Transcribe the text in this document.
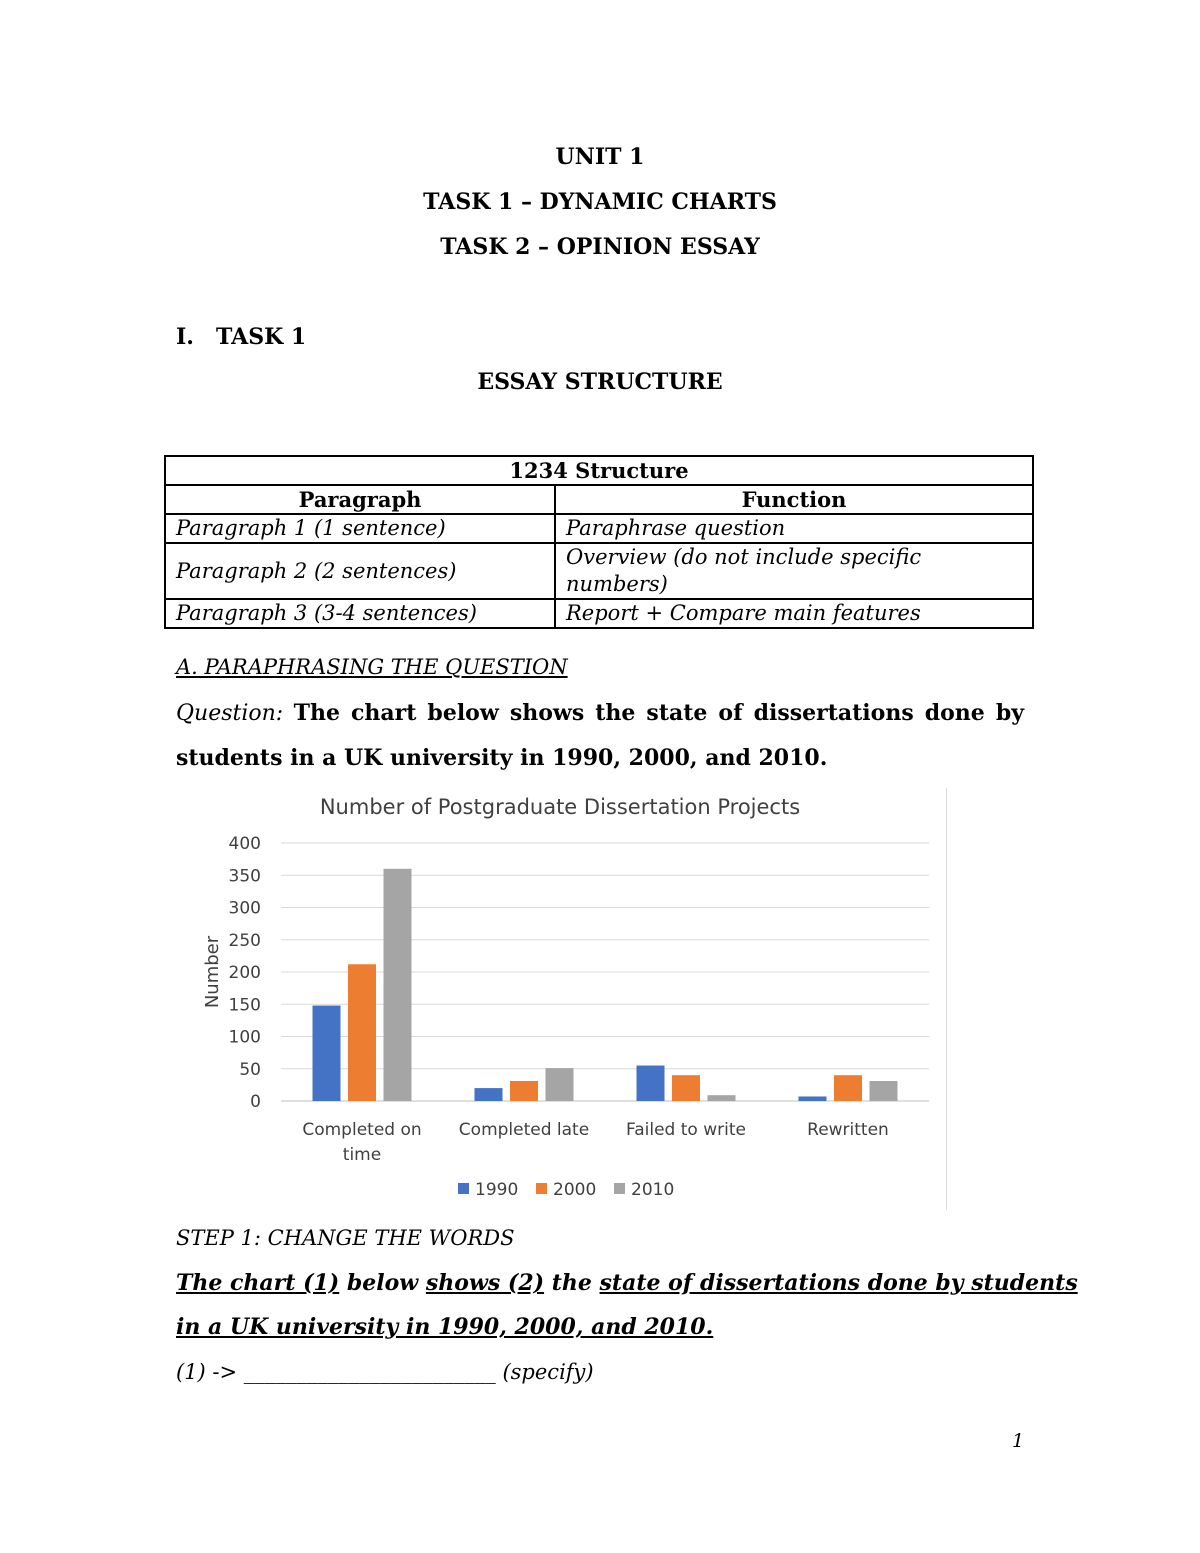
UNIT 1
TASK 1 – DYNAMIC CHARTS
TASK 2 – OPINION ESSAY
I. TASK 1
ESSAY STRUCTURE
1234 Structure	
Paragraph	Function
Paragraph 1 (1 sentence)	Paraphrase question
Paragraph 2 (2 sentences)	Overview (do not include specific numbers)
Paragraph 3 (3-4 sentences)	Report + Compare main features
A. PARAPHRASING THE QUESTION
Question: The chart below shows the state of dissertations done by
students in a UK university in 1990, 2000, and 2010.
Number of Postgraduate Dissertation Projects
0
50
100
150
200
250
300
350
400
Number
Completed on
time
Completed late Failed to write	Rewritten
1990 2000 2010
STEP 1: CHANGE THE WORDS
The chart (1) below shows (2) the state of dissertations done by students
in a UK university in 1990, 2000, and 2010.
(1) -> ________________________ (specify)
1
